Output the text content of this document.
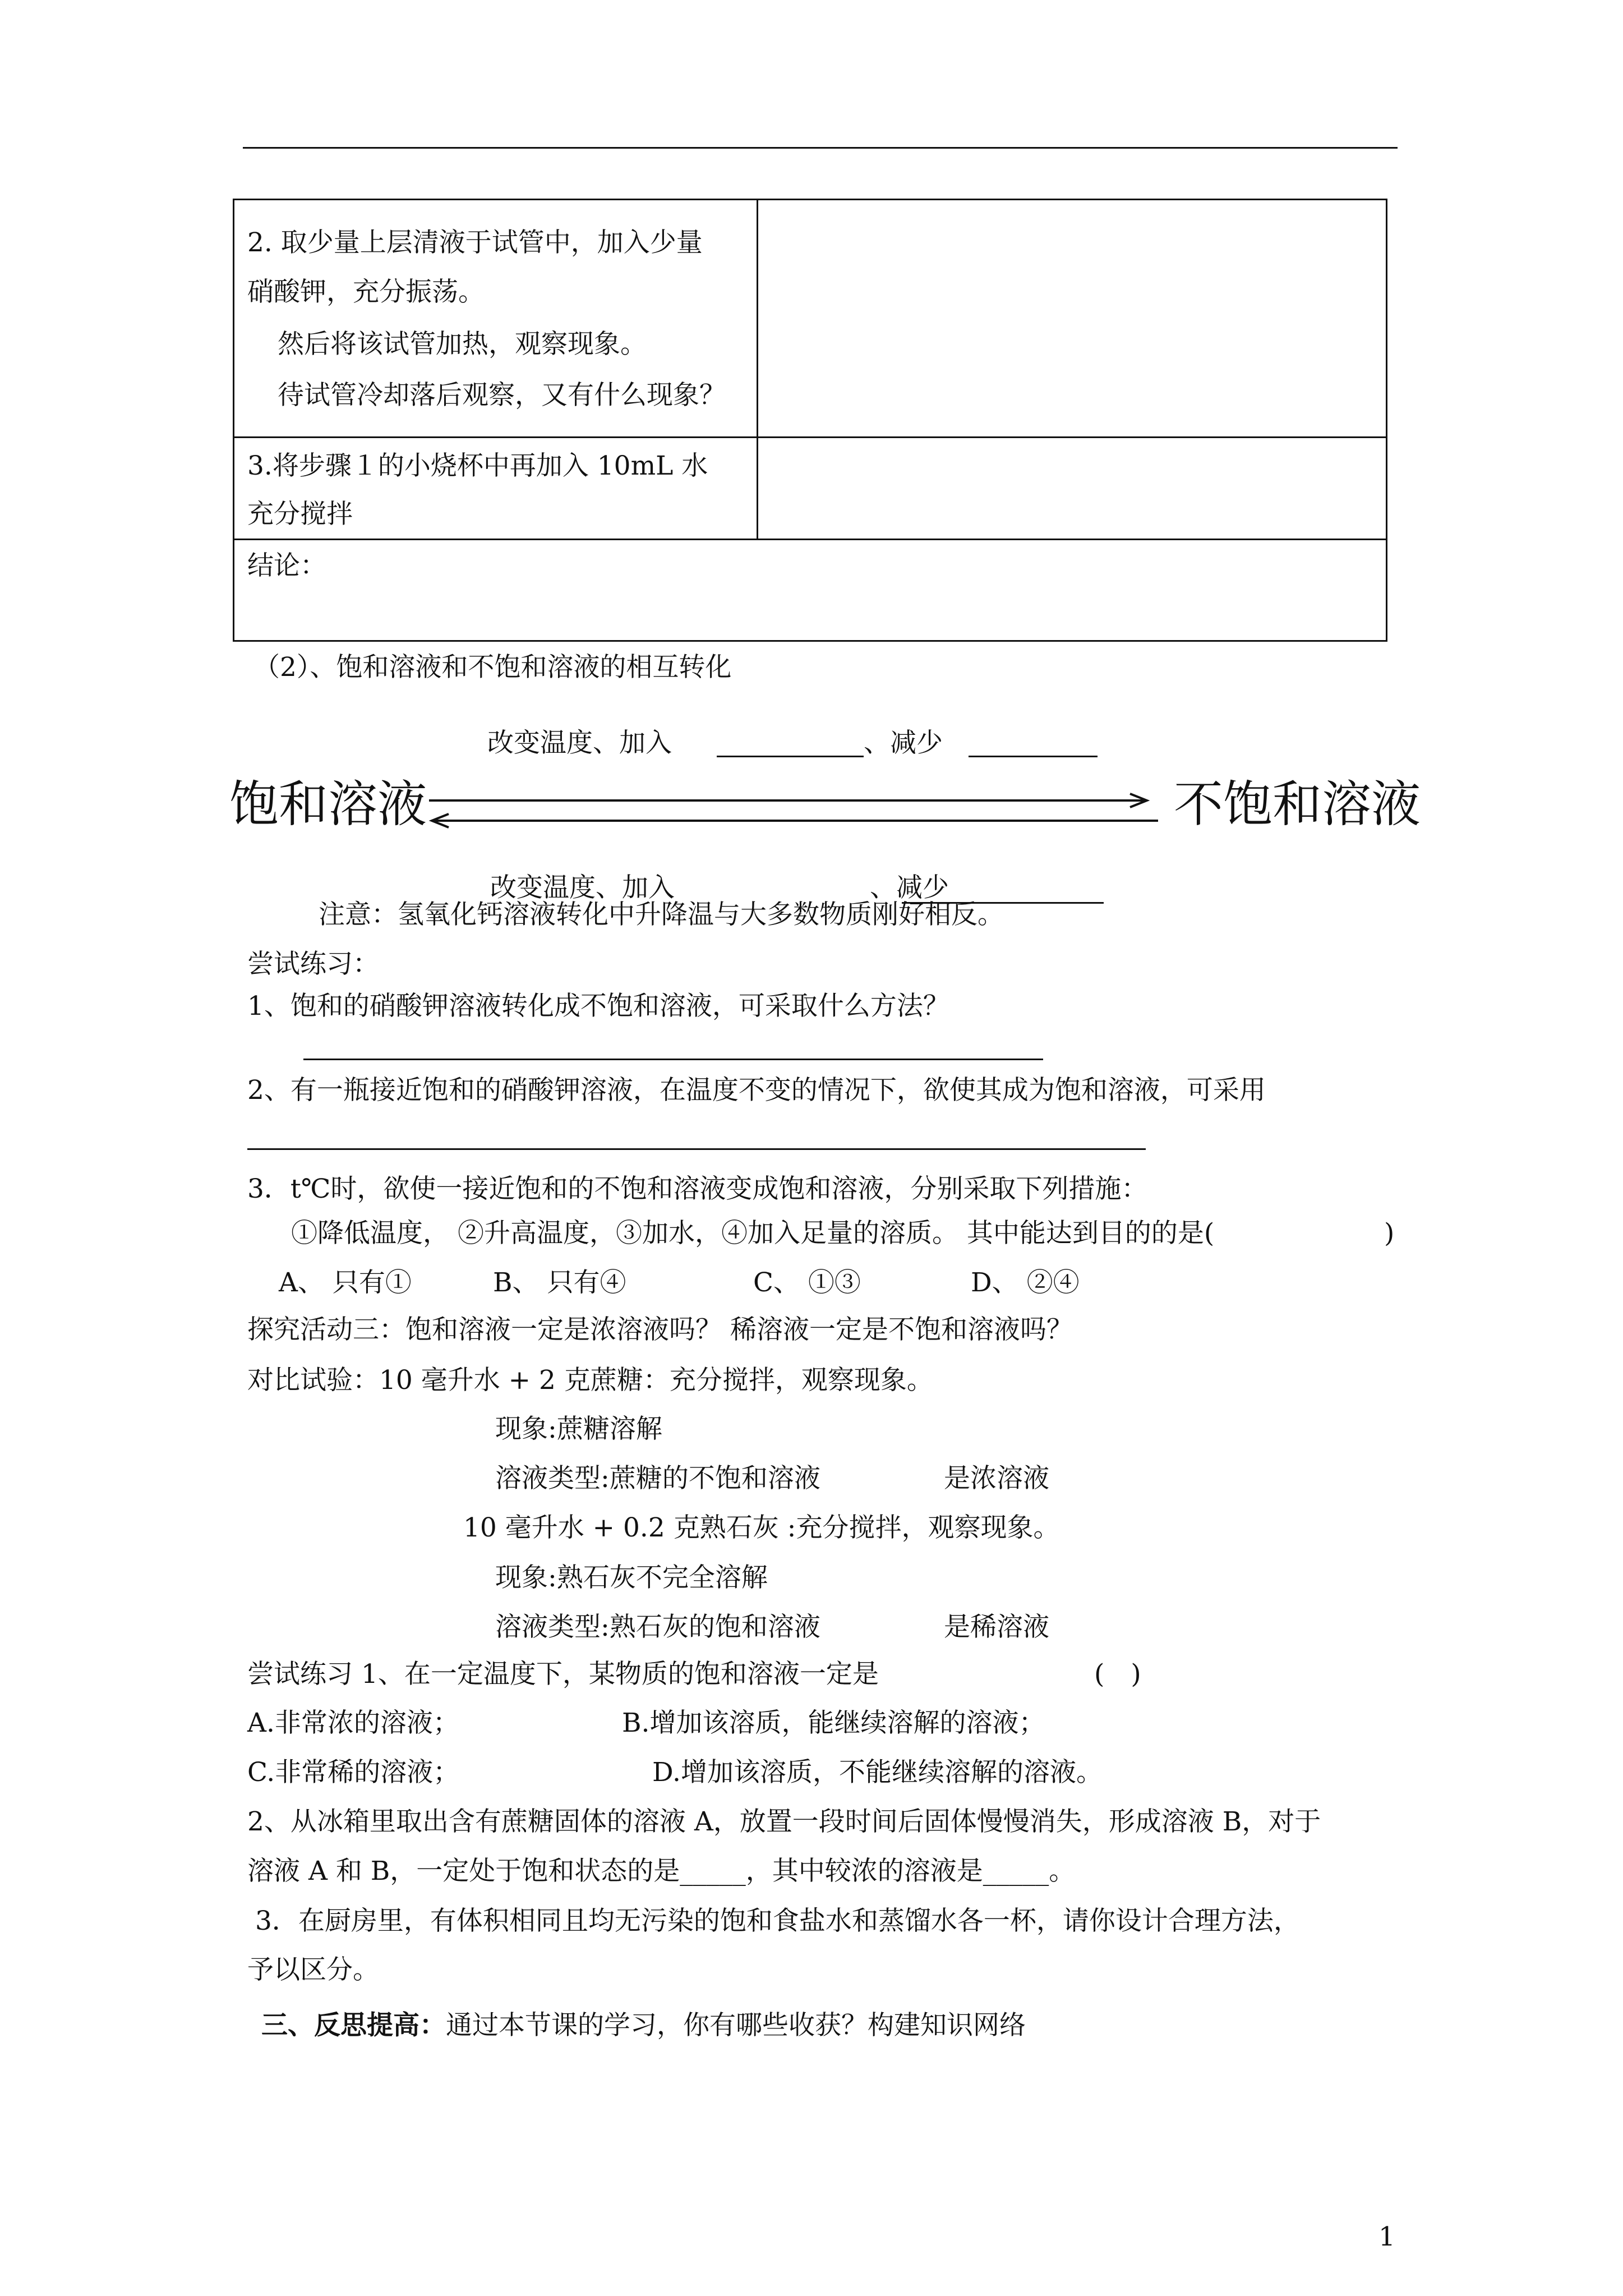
2. 取少量上层清液于试管中，加入少量
硝酸钾，充分振荡。
然后将该试管加热，观察现象。
待试管冷却落后观察，又有什么现象？
3.将步骤１的小烧杯中再加入 10mL 水
充分搅拌
结论：
（2）、饱和溶液和不饱和溶液的相互转化
改变温度、加入	、减少
饱和溶液	不饱和溶液
改变温度、加入	、减少
注意：氢氧化钙溶液转化中升降温与大多数物质刚好相反。
尝试练习：
1、饱和的硝酸钾溶液转化成不饱和溶液，可采取什么方法？
2、有一瓶接近饱和的硝酸钾溶液，在温度不变的情况下，欲使其成为饱和溶液，可采用
3．t℃时，欲使一接近饱和的不饱和溶液变成饱和溶液，分别采取下列措施：
①降低温度， ②升高温度，③加水，④加入足量的溶质。 其中能达到目的的是(	)
A、 只有①	B、 只有④	C、 ①③	D、 ②④
探究活动三：饱和溶液一定是浓溶液吗？ 稀溶液一定是不饱和溶液吗？
对比试验：10 毫升水 + 2 克蔗糖：充分搅拌，观察现象。
现象:蔗糖溶解
溶液类型:蔗糖的不饱和溶液	是浓溶液
10 毫升水 + 0.2 克熟石灰 :充分搅拌，观察现象。
现象:熟石灰不完全溶解
溶液类型:熟石灰的饱和溶液	是稀溶液
尝试练习 1、在一定温度下，某物质的饱和溶液一定是	(　)
A.非常浓的溶液；	B.增加该溶质，能继续溶解的溶液；
C.非常稀的溶液；	D.增加该溶质，不能继续溶解的溶液。
2、从冰箱里取出含有蔗糖固体的溶液 A，放置一段时间后固体慢慢消失，形成溶液 B，对于
溶液 A 和 B，一定处于饱和状态的是_____，其中较浓的溶液是_____。
3．在厨房里，有体积相同且均无污染的饱和食盐水和蒸馏水各一杯，请你设计合理方法，
予以区分。
三、反思提高： 通过本节课的学习，你有哪些收获？构建知识网络
1
